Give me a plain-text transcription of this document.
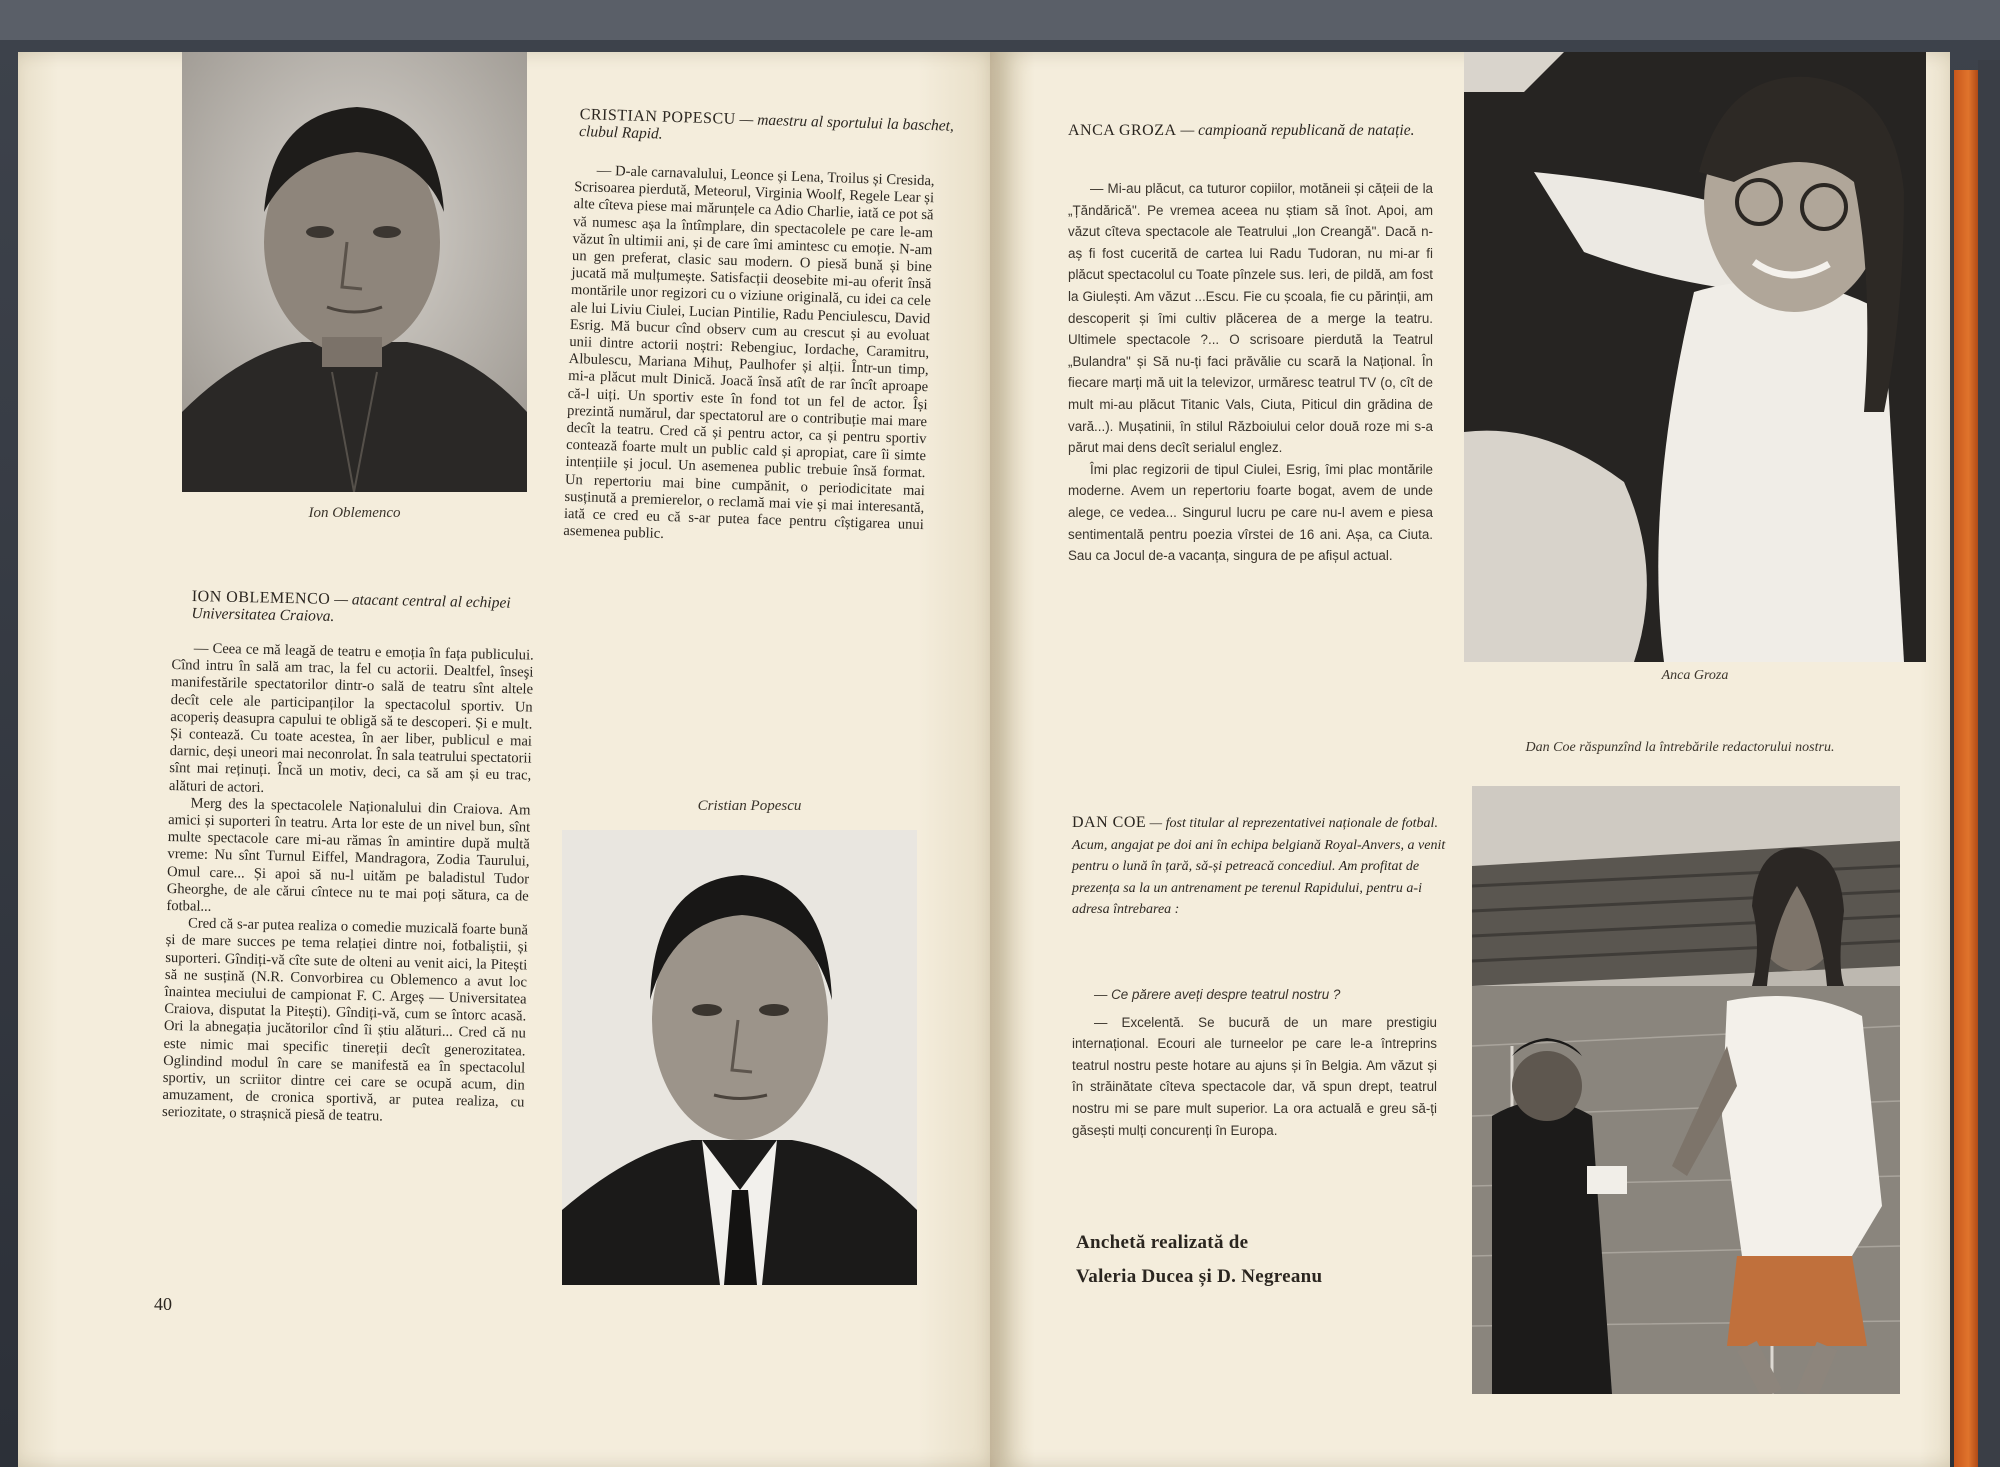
Ion Oblemenco
ION OBLEMENCO — atacant central al echipei Universitatea Craiova.

— Ceea ce mă leagă de teatru e emoția în fața publicului. Cînd intru în sală am trac, la fel cu actorii. Dealtfel, înseşi manifestările spectatorilor dintr-o sală de teatru sînt altele decît cele ale participanților la spectacolul sportiv. Un acoperiș deasupra capului te obligă să te descoperi. Și e mult. Și contează. Cu toate acestea, în aer liber, publicul e mai darnic, deși uneori mai neconrolat. În sala teatrului spectatorii sînt mai reținuți. Încă un motiv, deci, ca să am și eu trac, alături de actori.

Merg des la spectacolele Naționalului din Craiova. Am amici și suporteri în teatru. Arta lor este de un nivel bun, sînt multe spectacole care mi-au rămas în amintire după multă vreme: Nu sînt Turnul Eiffel, Mandragora, Zodia Taurului, Omul care... Și apoi să nu-l uităm pe baladistul Tudor Gheorghe, de ale cărui cîntece nu te mai poți sătura, ca de fotbal...

Cred că s-ar putea realiza o comedie muzicală foarte bună și de mare succes pe tema relației dintre noi, fotbaliștii, și suporteri. Gîndiți-vă cîte sute de olteni au venit aici, la Pitești să ne susțină (N.R. Convorbirea cu Oblemenco a avut loc înaintea meciului de campionat F. C. Argeș — Universitatea Craiova, disputat la Pitești). Gîndiți-vă, cum se întorc acasă. Ori la abnegația jucătorilor cînd îi știu alături... Cred că nu este nimic mai specific tinereții decît generozitatea. Oglindind modul în care se manifestă ea în spectacolul sportiv, un scriitor dintre cei care se ocupă acum, din amuzament, de cronica sportivă, ar putea realiza, cu seriozitate, o strașnică piesă de teatru.

40
CRISTIAN POPESCU — maestru al sportului la baschet, clubul Rapid.

— D-ale carnavalului, Leonce și Lena, Troilus și Cresida, Scrisoarea pierdută, Meteorul, Virginia Woolf, Regele Lear și alte cîteva piese mai mărunțele ca Adio Charlie, iată ce pot să vă numesc așa la întîmplare, din spectacolele pe care le-am văzut în ultimii ani, și de care îmi amintesc cu emoție. N-am un gen preferat, clasic sau modern. O piesă bună și bine jucată mă mulțumește. Satisfacții deosebite mi-au oferit însă montările unor regizori cu o viziune originală, cu idei ca cele ale lui Liviu Ciulei, Lucian Pintilie, Radu Penciulescu, David Esrig. Mă bucur cînd observ cum au crescut și au evoluat unii dintre actorii noștri: Rebengiuc, Iordache, Caramitru, Albulescu, Mariana Mihuț, Paulhofer și alții. Într-un timp, mi-a plăcut mult Dinică. Joacă însă atît de rar încît aproape că-l uiți. Un sportiv este în fond tot un fel de actor. Își prezintă numărul, dar spectatorul are o contribuție mai mare decît la teatru. Cred că și pentru actor, ca și pentru sportiv contează foarte mult un public cald și apropiat, care îi simte intențiile și jocul. Un asemenea public trebuie însă format. Un repertoriu mai bine cumpănit, o periodicitate mai susținută a premierelor, o reclamă mai vie și mai interesantă, iată ce cred eu că s-ar putea face pentru cîștigarea unui asemenea public.

Cristian Popescu
ANCA GROZA — campioană republicană de natație.

— Mi-au plăcut, ca tuturor copiilor, motăneii și cățeii de la „Țăndărică". Pe vremea aceea nu știam să înot. Apoi, am văzut cîteva spectacole ale Teatrului „Ion Creangă". Dacă n-aș fi fost cucerită de cartea lui Radu Tudoran, nu mi-ar fi plăcut spectacolul cu Toate pînzele sus. Ieri, de pildă, am fost la Giulești. Am văzut ...Escu. Fie cu școala, fie cu părinții, am descoperit și îmi cultiv plăcerea de a merge la teatru. Ultimele spectacole ?... O scrisoare pierdută la Teatrul „Bulandra" și Să nu-ți faci prăvălie cu scară la Național. În fiecare marți mă uit la televizor, urmăresc teatrul TV (o, cît de mult mi-au plăcut Titanic Vals, Ciuta, Piticul din grădina de vară...). Mușatinii, în stilul Războiului celor două roze mi s-a părut mai dens decît serialul englez.

Îmi plac regizorii de tipul Ciulei, Esrig, îmi plac montările moderne. Avem un repertoriu foarte bogat, avem de unde alege, ce vedea... Singurul lucru pe care nu-l avem e piesa sentimentală pentru poezia vîrstei de 16 ani. Așa, ca Ciuta. Sau ca Jocul de-a vacanța, singura de pe afișul actual.

Anca Groza
Dan Coe răspunzînd la întrebările redactorului nostru.
DAN COE — fost titular al reprezentativei naționale de fotbal. Acum, angajat pe doi ani în echipa belgiană Royal-Anvers, a venit pentru o lună în țară, să-și petreacă concediul. Am profitat de prezența sa la un antrenament pe terenul Rapidului, pentru a-i adresa întrebarea :

— Ce părere aveți despre teatrul nostru ?

— Excelentă. Se bucură de un mare prestigiu internațional. Ecouri ale turneelor pe care le-a întreprins teatrul nostru peste hotare au ajuns și în Belgia. Am văzut și în străinătate cîteva spectacole dar, vă spun drept, teatrul nostru mi se pare mult superior. La ora actuală e greu să-ți găsești mulți concurenți în Europa.

Anchetă realizată de
Valeria Ducea și D. Negreanu
